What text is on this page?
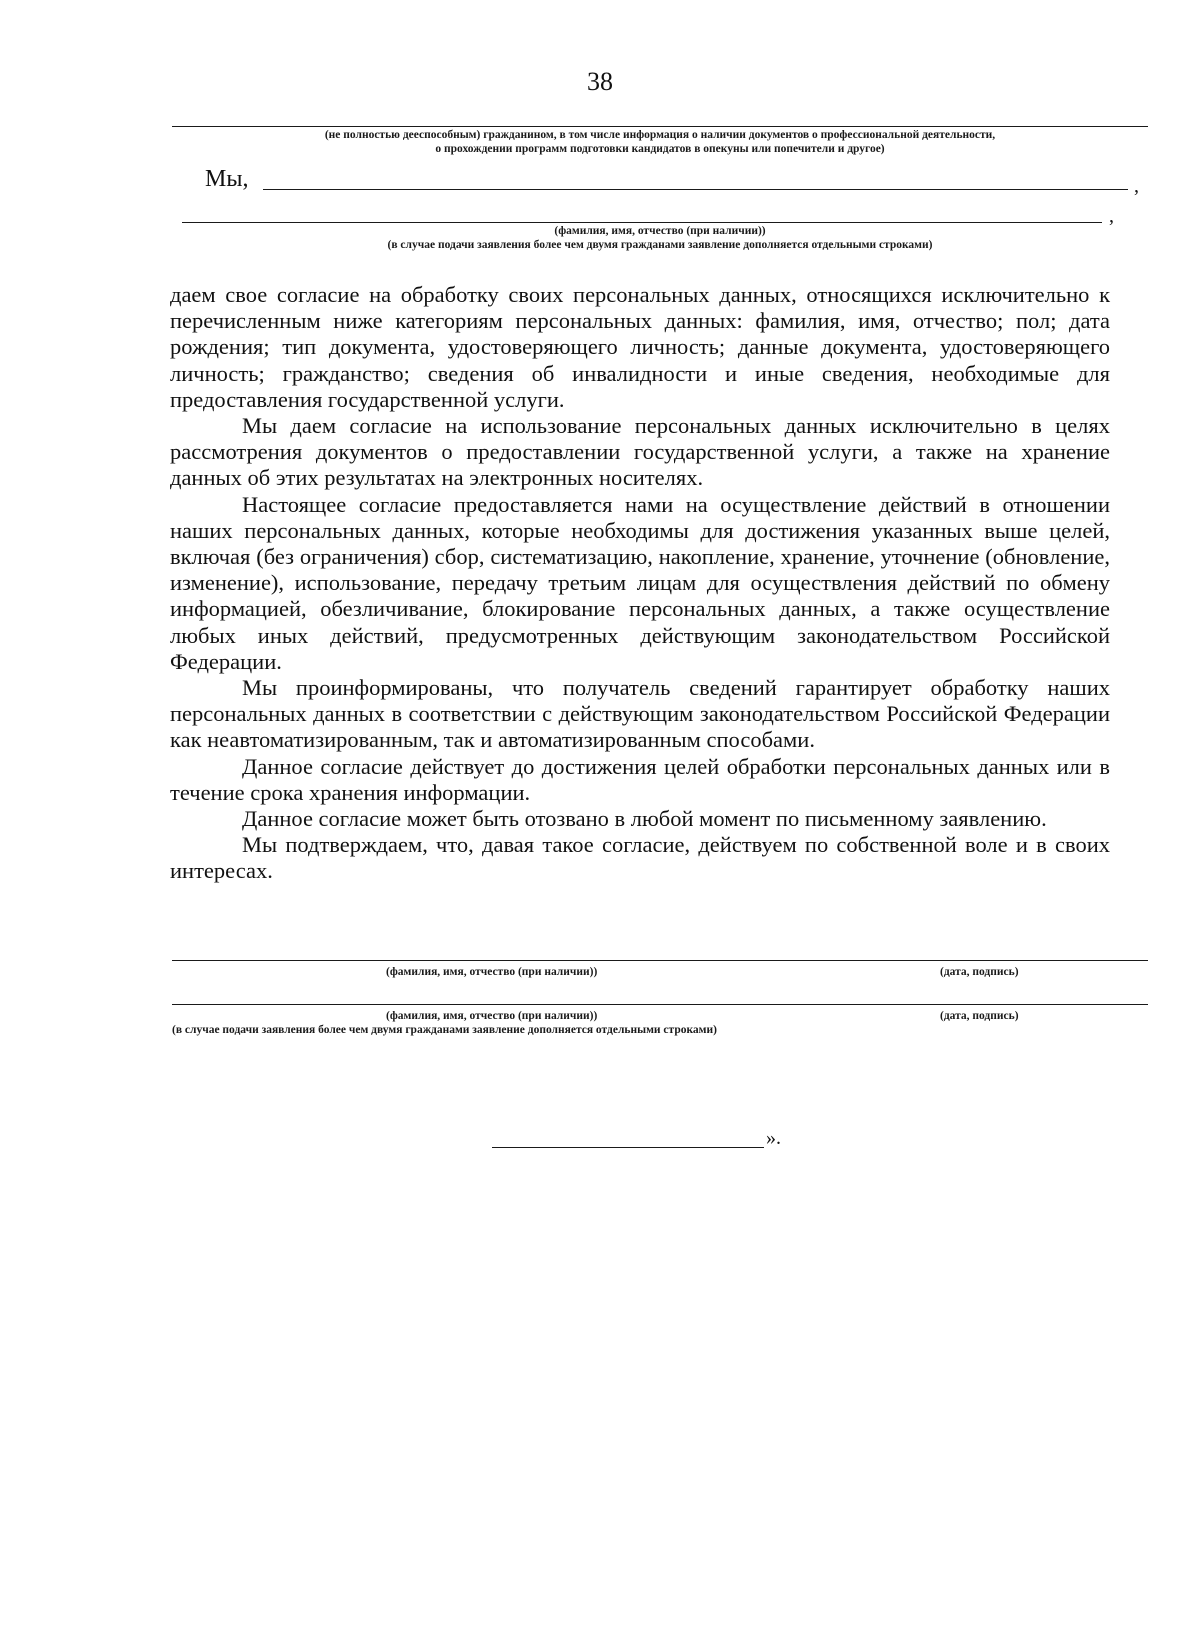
38
(не полностью дееспособным) гражданином, в том числе информация о наличии документов о профессиональной деятельности,
о прохождении программ подготовки кандидатов в опекуны или попечители и другое)
Мы,	,
,
(фамилия, имя, отчество (при наличии))
(в случае подачи заявления более чем двумя гражданами заявление дополняется отдельными строками)

даем свое согласие на обработку своих персональных данных, относящихся исключительно к перечисленным ниже категориям персональных данных: фамилия, имя, отчество; пол; дата рождения; тип документа, удостоверяющего личность; данные документа, удостоверяющего личность; гражданство; сведения об инвалидности и иные сведения, необходимые для предоставления государственной услуги.

Мы даем согласие на использование персональных данных исключительно в целях рассмотрения документов о предоставлении государственной услуги, а также на хранение данных об этих результатах на электронных носителях.

Настоящее согласие предоставляется нами на осуществление действий в отношении наших персональных данных, которые необходимы для достижения указанных выше целей, включая (без ограничения) сбор, систематизацию, накопление, хранение, уточнение (обновление, изменение), использование, передачу третьим лицам для осуществления действий по обмену информацией, обезличивание, блокирование персональных данных, а также осуществление любых иных действий, предусмотренных действующим законодательством Российской Федерации.

Мы проинформированы, что получатель сведений гарантирует обработку наших персональных данных в соответствии с действующим законодательством Российской Федерации как неавтоматизированным, так и автоматизированным способами.

Данное согласие действует до достижения целей обработки персональных данных или в течение срока хранения информации.

Данное согласие может быть отозвано в любой момент по письменному заявлению.

Мы подтверждаем, что, давая такое согласие, действуем по собственной воле и в своих интересах.

(фамилия, имя, отчество (при наличии))	(дата, подпись)
(фамилия, имя, отчество (при наличии))	(дата, подпись)
(в случае подачи заявления более чем двумя гражданами заявление дополняется отдельными строками)
».
